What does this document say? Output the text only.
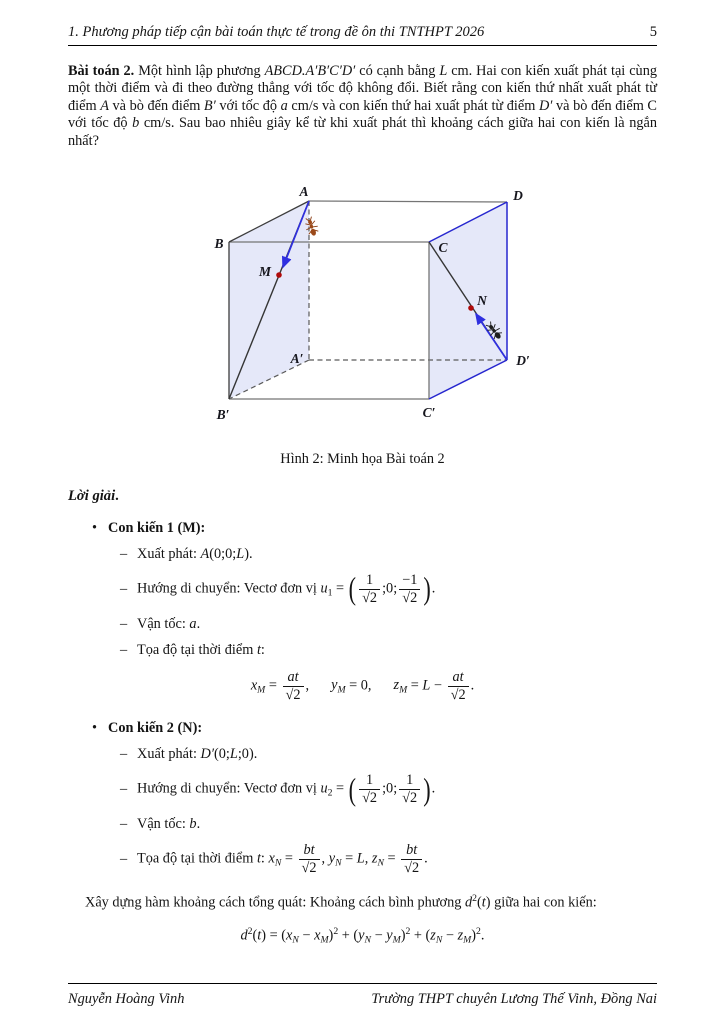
1. Phương pháp tiếp cận bài toán thực tế trong đề ôn thi TNTHPT 2026	5

Bài toán 2. Một hình lập phương ABCD.A′B′C′D′ có cạnh bằng L cm. Hai con kiến xuất phát tại cùng một thời điểm và đi theo đường thẳng với tốc độ không đổi. Biết rằng con kiến thứ nhất xuất phát từ điểm A và bò đến điểm B′ với tốc độ a cm/s và con kiến thứ hai xuất phát từ điểm D′ và bò đến điểm C với tốc độ b cm/s. Sau bao nhiêu giây kể từ khi xuất phát thì khoảng cách giữa hai con kiến là ngắn nhất?

A	D
B	C
M
N
A′	D′
B′	C′
Hình 2: Minh họa Bài toán 2
Lời giải.
• Con kiến 1 (M):
– Xuất phát: A(0;0;L).
– Hướng di chuyển: Vectơ đơn vị $u_1$ = ( $\frac{1}{√2}$ ;0; $\frac{-1}{√2}$ ).
– Vận tốc: a.
– Tọa độ tại thời điểm t:
$x_M = \frac{at}{√2}$ , $y_M = 0$, $z_M = L - \frac{at}{√2}$ .
• Con kiến 2 (N):
– Xuất phát: D′(0;L;0).
– Hướng di chuyển: Vectơ đơn vị $u_2$ = ( $\frac{1}{√2}$ ;0; $\frac{1}{√2}$ ).
– Vận tốc: b.
– Tọa độ tại thời điểm t: $x_N = \frac{bt}{√2}$ , $y_N = L$, $z_N = \frac{bt}{√2}$ .

Xây dựng hàm khoảng cách tổng quát: Khoảng cách bình phương $d^2(t)$ giữa hai con kiến:

$d^2(t) = (x_N - x_M)^2 + (y_N - y_M)^2 + (z_N - z_M)^2$.
Nguyễn Hoàng Vinh	Trường THPT chuyên Lương Thế Vinh, Đồng Nai
